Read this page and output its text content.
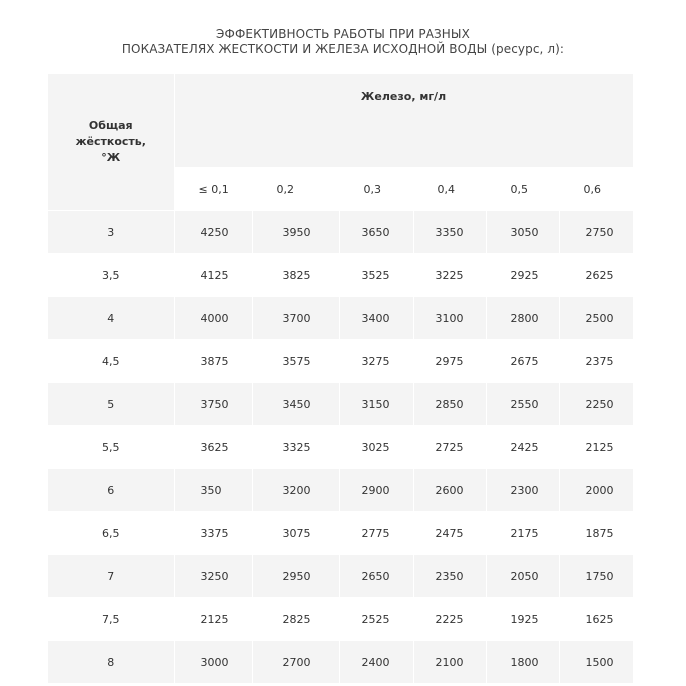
ЭФФЕКТИВНОСТЬ РАБОТЫ ПРИ РАЗНЫХ
ПОКАЗАТЕЛЯХ ЖЕСТКОСТИ И ЖЕЛЕЗА ИСХОДНОЙ ВОДЫ (ресурс, л):
Общая
жёсткость,
°Ж	Железо, мг/л					
	≤ 0,1	0,2	0,3	0,4	0,5	0,6
3	4250	3950	3650	3350	3050	2750
3,5	4125	3825	3525	3225	2925	2625
4	4000	3700	3400	3100	2800	2500
4,5	3875	3575	3275	2975	2675	2375
5	3750	3450	3150	2850	2550	2250
5,5	3625	3325	3025	2725	2425	2125
6	350	3200	2900	2600	2300	2000
6,5	3375	3075	2775	2475	2175	1875
7	3250	2950	2650	2350	2050	1750
7,5	2125	2825	2525	2225	1925	1625
8	3000	2700	2400	2100	1800	1500
